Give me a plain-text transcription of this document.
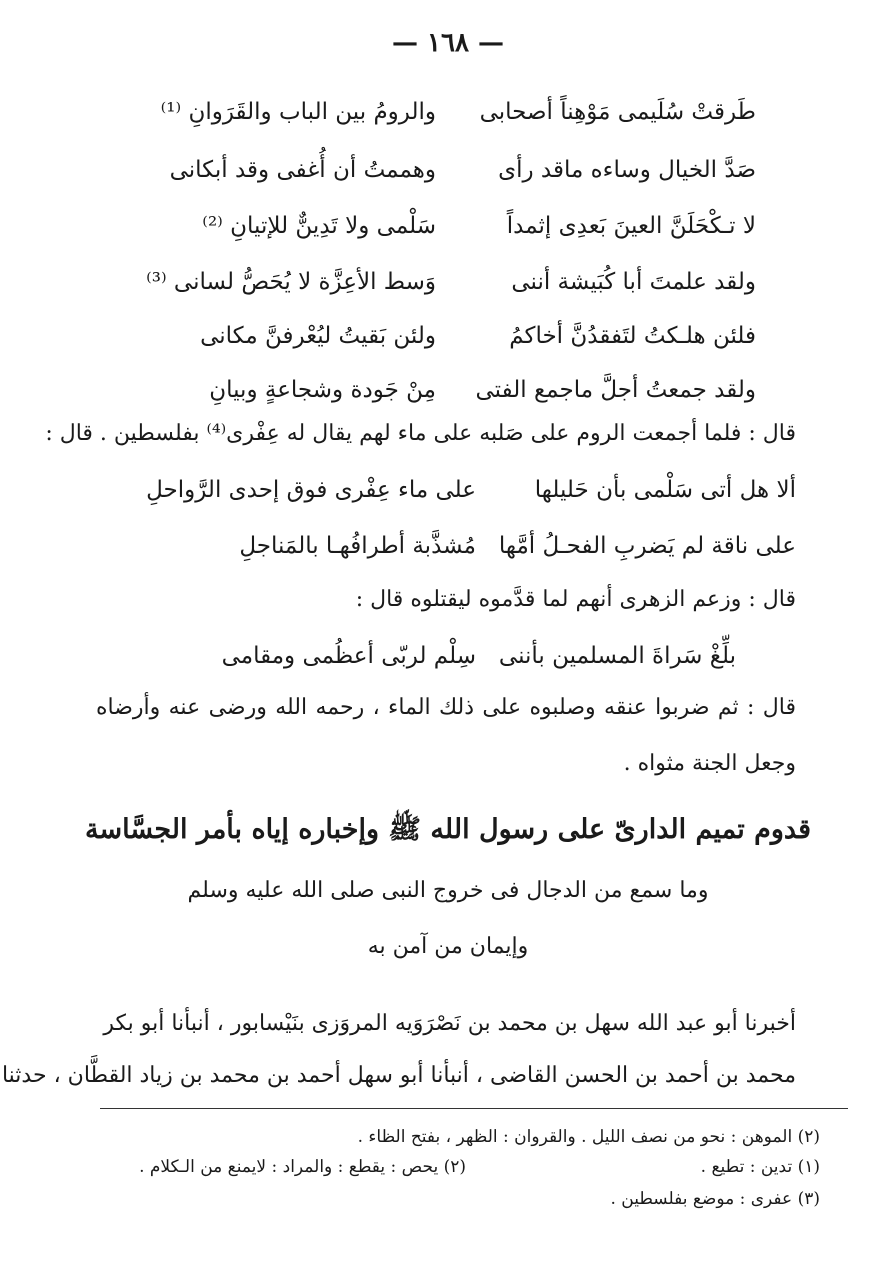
— ١٦٨ —
طَرقتْ سُلَيمى مَوْهِناً أصحابى
والرومُ بين الباب والقَرَوانِ ⁽¹⁾
صَدَّ الخيال وساءه ماقد رأى
وهممتُ أن أُغفى وقد أبكانى
لا تـكْحَلَنَّ العينَ بَعدِى إثمداً
سَلْمى ولا تَدِينٌّ للإتيانِ ⁽²⁾
ولقد علمتَ أبا كُبَيشة أننى
وَسط الأعِزَّة لا يُحَصُّ لسانى ⁽³⁾
فلئن هلـكتُ لتَفقدُنَّ أخاكمُ
ولئن بَقيتُ ليُعْرفنَّ مكانى
ولقد جمعتُ أجلَّ ماجمع الفتى
مِنْ جَودة وشجاعةٍ وبيانِ
قال : فلما أجمعت الروم على صَلبه على ماء لهم يقال له عِفْرى⁽⁴⁾ بفلسطين . قال :
ألا هل أتى سَلْمى بأن حَليلها
على ماء عِفْرى فوق إحدى الرَّواحلِ
على ناقة لم يَضربِ الفحـلُ أمَّها
مُشذَّبة أطرافُهـا بالمَناجلِ
قال : وزعم الزهرى أنهم لما قدَّموه ليقتلوه قال :
بلِّغْ سَراةَ المسلمين بأننى
سِلْم لربّى أعظُمى ومقامى
قال : ثم ضربوا عنقه وصلبوه على ذلك الماء ، رحمه الله ورضى عنه وأرضاه وجعل الجنة مثواه .
قدوم تميم الدارىّ على رسول الله ﷺ وإخباره إياه بأمر الجسَّاسة
وما سمع من الدجال فى خروج النبى صلى الله عليه وسلم
وإيمان من آمن به
أخبرنا أبو عبد الله سهل بن محمد بن نَصْرَوَيه المروَزى بنَيْسابور ، أنبأنا أبو بكر
محمد بن أحمد بن الحسن القاضى ، أنبأنا أبو سهل أحمد بن محمد بن زياد القطَّان ، حدثنا
(٢) الموهن : نحو من نصف الليل . والقروان : الظهر ، بفتح الظاء .
(١) تدين : تطيع .
(٢) يحص : يقطع : والمراد : لايمنع من الـكلام .
(٣) عفرى : موضع بفلسطين .
